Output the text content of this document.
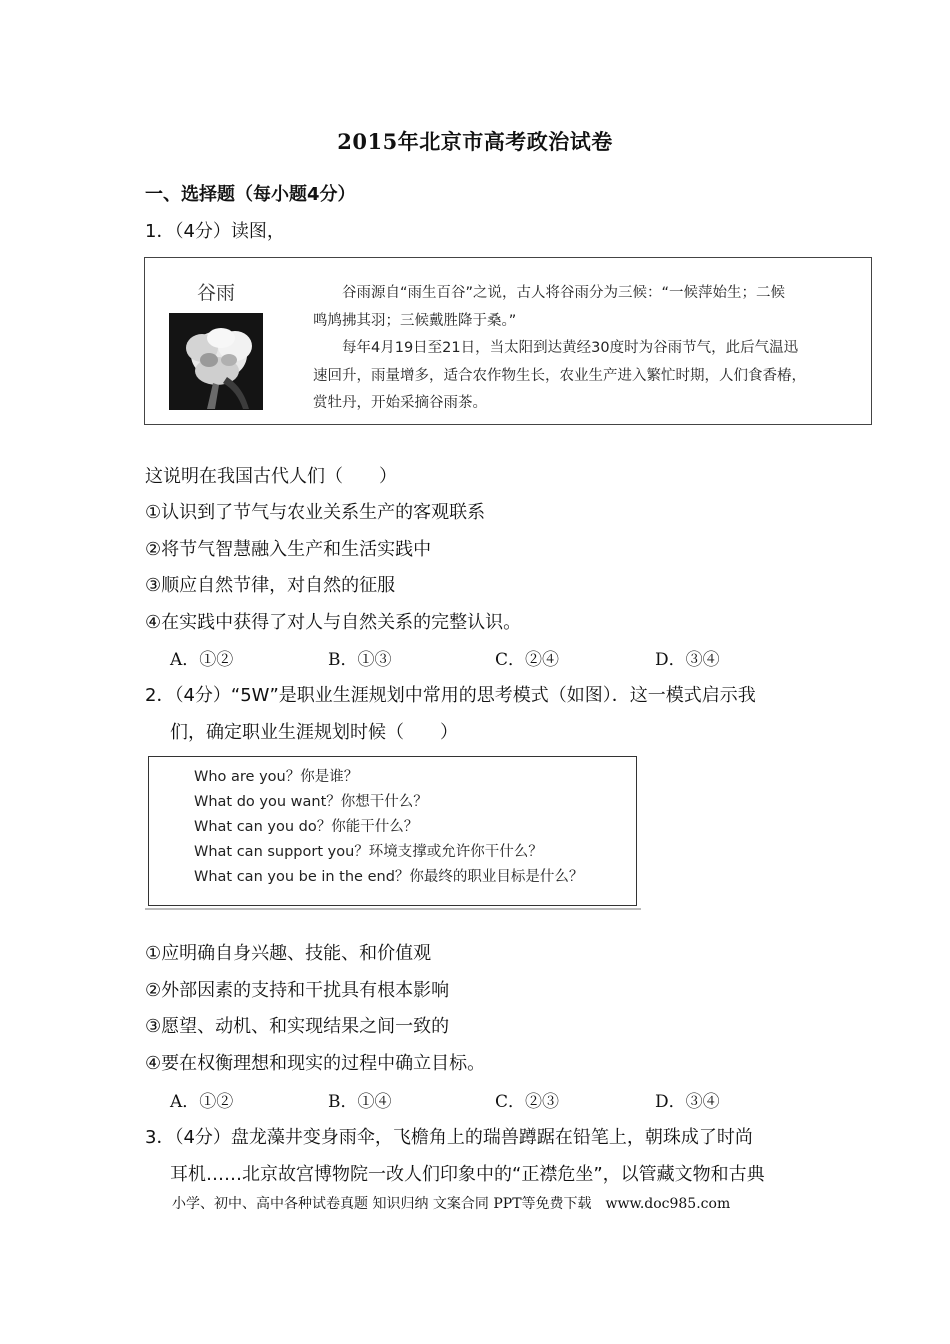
2015年北京市高考政治试卷
一、选择题（每小题4分）
1．（4分）读图，
谷雨	谷雨源自“雨生百谷”之说，古人将谷雨分为三候：“一候萍始生；二候

鸣鸠拂其羽；三候戴胜降于桑。”

每年4月19日至21日，当太阳到达黄经30度时为谷雨节气，此后气温迅

速回升，雨量增多，适合农作物生长，农业生产进入繁忙时期，人们食香椿，

赏牡丹，开始采摘谷雨茶。

这说明在我国古代人们（　　）
①认识到了节气与农业关系生产的客观联系
②将节气智慧融入生产和生活实践中
③顺应自然节律，对自然的征服
④在实践中获得了对人与自然关系的完整认识。
A．①②	B．①③	C．②④	D．③④
2．（4分）“5W”是职业生涯规划中常用的思考模式（如图）．这一模式启示我
们，确定职业生涯规划时候（　　）
Who are you？你是谁？
What do you want？你想干什么？
What can you do？你能干什么？
What can support you？环境支撑或允许你干什么？
What can you be in the end？你最终的职业目标是什么？
①应明确自身兴趣、技能、和价值观
②外部因素的支持和干扰具有根本影响
③愿望、动机、和实现结果之间一致的
④要在权衡理想和现实的过程中确立目标。
A．①②	B．①④	C．②③	D．③④
3．（4分）盘龙藻井变身雨伞，飞檐角上的瑞兽蹲踞在铅笔上，朝珠成了时尚
耳机……北京故宫博物院一改人们印象中的“正襟危坐”，以管藏文物和古典
小学、初中、高中各种试卷真题 知识归纳 文案合同 PPT等免费下载　www.doc985.com
